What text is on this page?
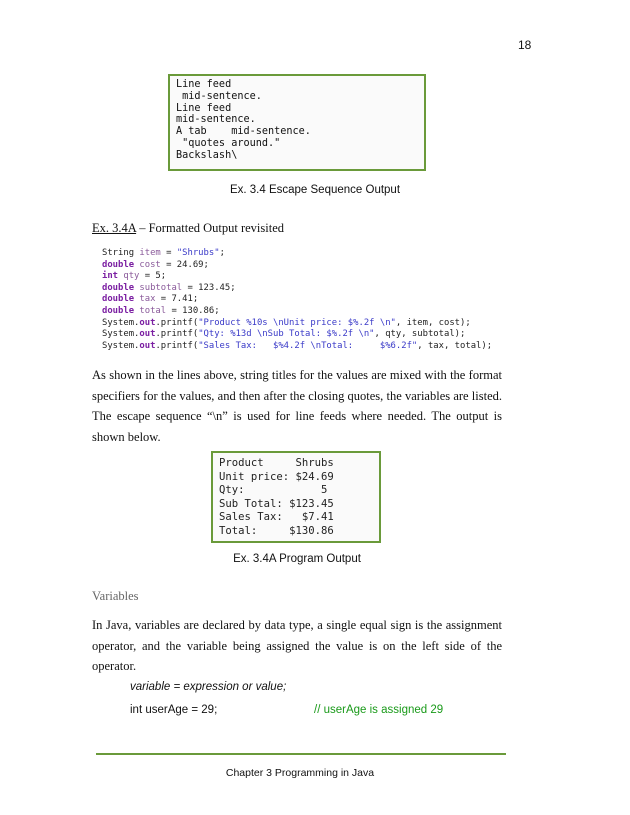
18
Line feed
mid-sentence.
Line feed
mid-sentence.
A tab    mid-sentence.
"quotes around."
Backslash\
Ex. 3.4 Escape Sequence Output
Ex. 3.4A – Formatted Output revisited
String item = "Shrubs";
double cost = 24.69;
int qty = 5;
double subtotal = 123.45;
double tax = 7.41;
double total = 130.86;
System.out.printf("Product %10s \nUnit price: $%.2f \n", item, cost);
System.out.printf("Qty: %13d \nSub Total: $%.2f \n", qty, subtotal);
System.out.printf("Sales Tax:   $%4.2f \nTotal:     $%6.2f", tax, total);
As shown in the lines above, string titles for the values are mixed with the format specifiers for the values, and then after the closing quotes, the variables are listed. The escape sequence “\n” is used for line feeds where needed. The output is shown below.
Product     Shrubs
Unit price: $24.69
Qty:            5
Sub Total: $123.45
Sales Tax:   $7.41
Total:     $130.86
Ex. 3.4A Program Output
Variables
In Java, variables are declared by data type, a single equal sign is the assignment operator, and the variable being assigned the value is on the left side of the operator.
variable = expression or value;
int userAge = 29;	// userAge is assigned 29
Chapter 3 Programming in Java
